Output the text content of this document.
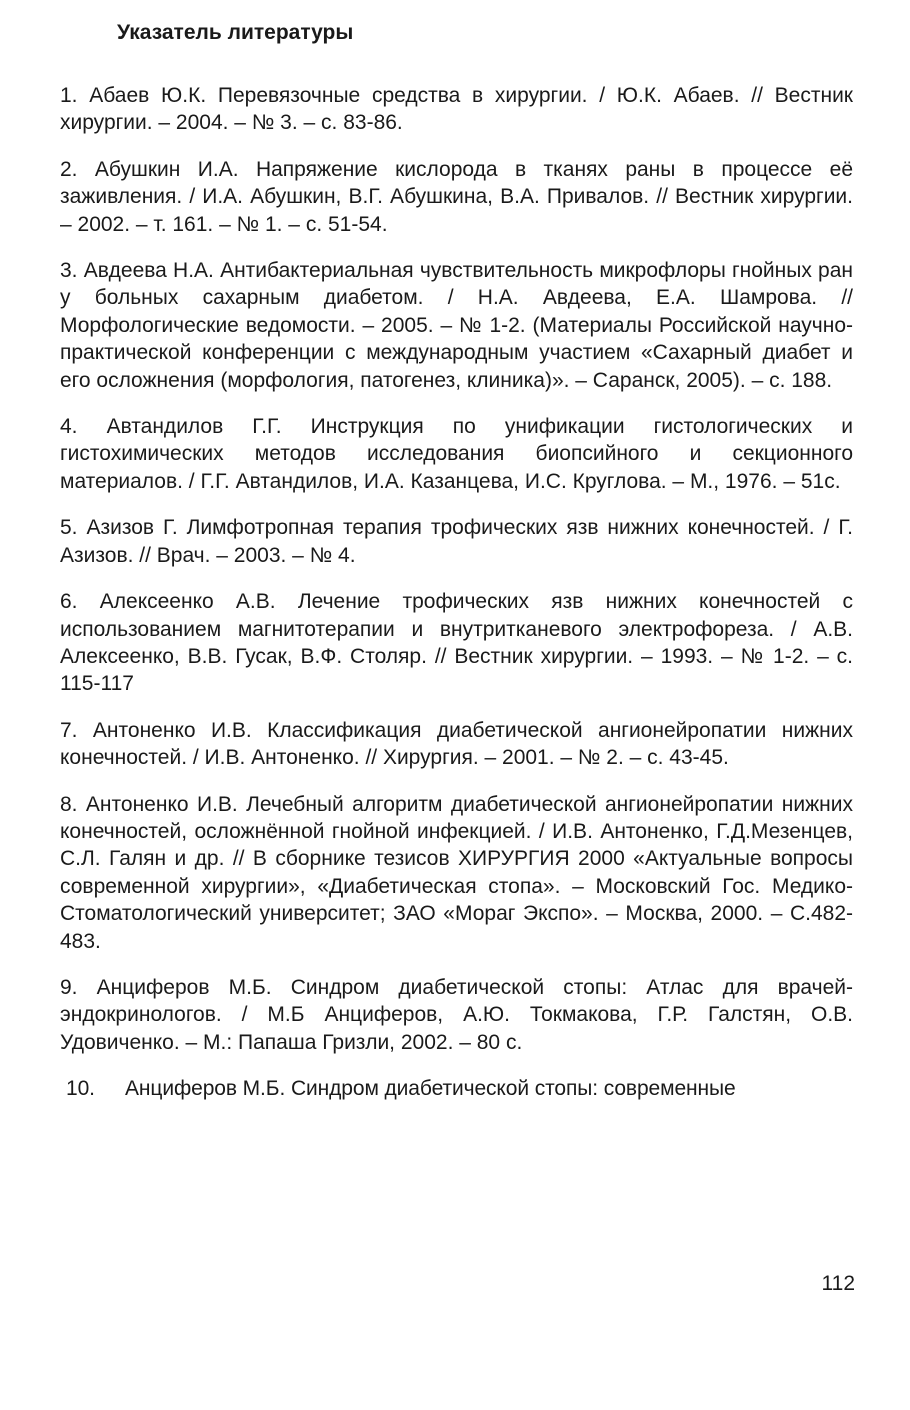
Указатель литературы
1. Абаев Ю.К. Перевязочные средства в хирургии. / Ю.К. Абаев. // Вестник хирургии. – 2004. – № 3. – с. 83-86.
2. Абушкин И.А. Напряжение кислорода в тканях раны в процессе её заживления. / И.А. Абушкин, В.Г. Абушкина, В.А. Привалов. // Вестник хирургии. – 2002. – т. 161. – № 1. – с. 51-54.
3. Авдеева Н.А. Антибактериальная чувствительность микрофлоры гнойных ран у больных сахарным диабетом. / Н.А. Авдеева, Е.А. Шамрова. // Морфологические ведомости. – 2005. – № 1-2. (Материалы Российской научно-практической конференции с международным участием «Сахарный диабет и его осложнения (морфология, патогенез, клиника)». – Саранск, 2005). – с. 188.
4. Автандилов Г.Г. Инструкция по унификации гистологических и гистохимических методов исследования биопсийного и секционного материалов. / Г.Г. Автандилов, И.А. Казанцева, И.С. Круглова. – М., 1976. – 51с.
5. Азизов Г. Лимфотропная терапия трофических язв нижних конечностей. / Г. Азизов. // Врач. – 2003. – № 4.
6. Алексеенко А.В. Лечение трофических язв нижних конечностей с использованием магнитотерапии и внутритканевого электрофореза. / А.В. Алексеенко, В.В. Гусак, В.Ф. Столяр. // Вестник хирургии. – 1993. – № 1-2. – с. 115-117
7. Антоненко И.В. Классификация диабетической ангионейропатии нижних конечностей. / И.В. Антоненко. // Хирургия. – 2001. – № 2. – с. 43-45.
8. Антоненко И.В. Лечебный алгоритм диабетической ангионейропатии нижних конечностей, осложнённой гнойной инфекцией. / И.В. Антоненко, Г.Д.Мезенцев, С.Л. Галян и др. // В сборнике тезисов ХИРУРГИЯ 2000 «Актуальные вопросы современной хирургии», «Диабетическая стопа». – Московский Гос. Медико-Стоматологический университет; ЗАО «Мораг Экспо». – Москва, 2000. – С.482-483.
9. Анциферов М.Б. Синдром диабетической стопы: Атлас для врачей-эндокринологов. / М.Б Анциферов, А.Ю. Токмакова, Г.Р. Галстян, О.В. Удовиченко. – М.: Папаша Гризли, 2002. – 80 с.
10. Анциферов М.Б. Синдром диабетической стопы: современные
112
